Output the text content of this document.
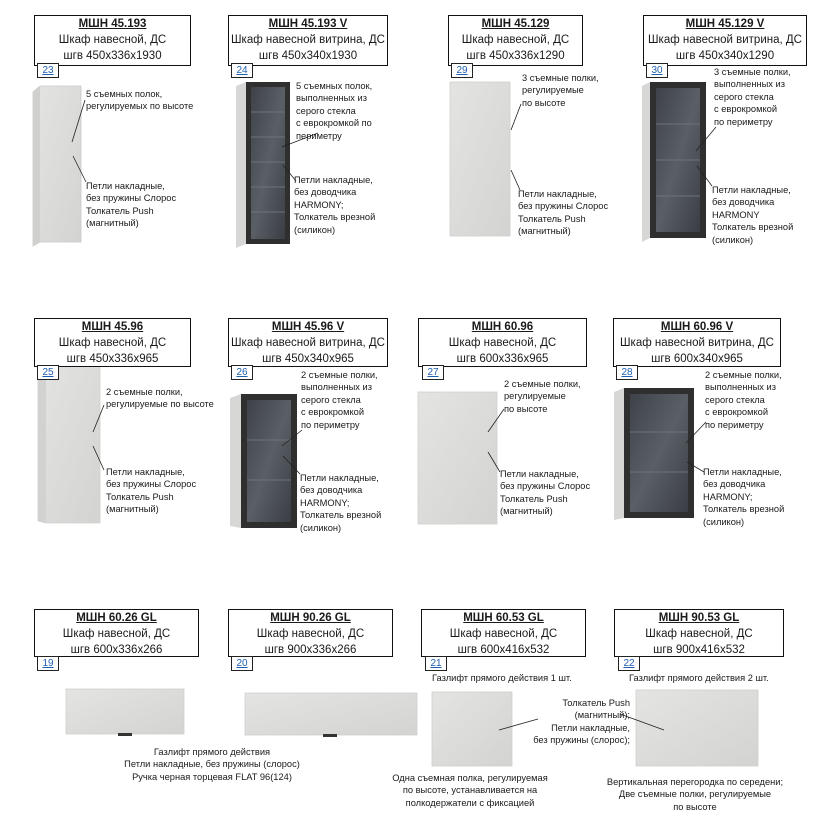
МШН 45.193
Шкаф навесной, ДС
шгв 450х336х1930
23
5 съемных полок,
регулируемых по высоте
Петли накладные,
без пружины Слорос
Толкатель Push
(магнитный)
МШН 45.193 V
Шкаф навесной витрина, ДС
шгв 450х340х1930
24
5 съемных полок,
выполненных из
серого стекла
с еврокромкой по
периметру
Петли накладные,
без доводчика
HARMONY;
Толкатель врезной
(силикон)
МШН 45.129
Шкаф навесной, ДС
шгв 450х336х1290
29
3 съемные полки,
регулируемые
по высоте
Петли накладные,
без пружины Слорос
Толкатель Push
(магнитный)
МШН 45.129 V
Шкаф навесной витрина, ДС
шгв 450х340х1290
30	3 съемные полки,
выполненных из
серого стекла
с еврокромкой
по периметру
Петли накладные,
без доводчика
HARMONY
Толкатель врезной
(силикон)
МШН 45.96
Шкаф навесной, ДС
шгв 450х336х965
25
2 съемные полки,
регулируемые по высоте
Петли накладные,
без пружины Слорос
Толкатель Push
(магнитный)
МШН 45.96 V
Шкаф навесной витрина, ДС
шгв 450х340х965
26	2 съемные полки,
выполненных из
серого стекла
с еврокромкой
по периметру
Петли накладные,
без доводчика
HARMONY;
Толкатель врезной
(силикон)
МШН 60.96
Шкаф навесной, ДС
шгв 600х336х965
27
2 съемные полки,
регулируемые
по высоте
Петли накладные,
без пружины Слорос
Толкатель Push
(магнитный)
МШН 60.96 V
Шкаф навесной витрина, ДС
шгв 600х340х965
28	2 съемные полки,
выполненных из
серого стекла
с еврокромкой
по периметру
Петли накладные,
без доводчика
HARMONY;
Толкатель врезной
(силикон)
МШН 60.26 GL
Шкаф навесной, ДС
шгв 600х336х266
19
Газлифт прямого действия
Петли накладные, без пружины (слорос)
Ручка черная торцевая FLAT 96(124)
МШН 90.26 GL
Шкаф навесной, ДС
шгв 900х336х266
20
МШН 60.53 GL
Шкаф навесной, ДС
шгв 600х416х532
21
Газлифт прямого действия 1 шт.
Толкатель Push
(магнитный);
Петли накладные,
без пружины (слорос);
Одна съемная полка, регулируемая
по высоте, устанавливается на
полкодержатели с фиксацией
МШН 90.53 GL
Шкаф навесной, ДС
шгв 900х416х532
22
Газлифт прямого действия 2 шт.
Вертикальная перегородка по середени;
Две съемные полки, регулируемые
по высоте
